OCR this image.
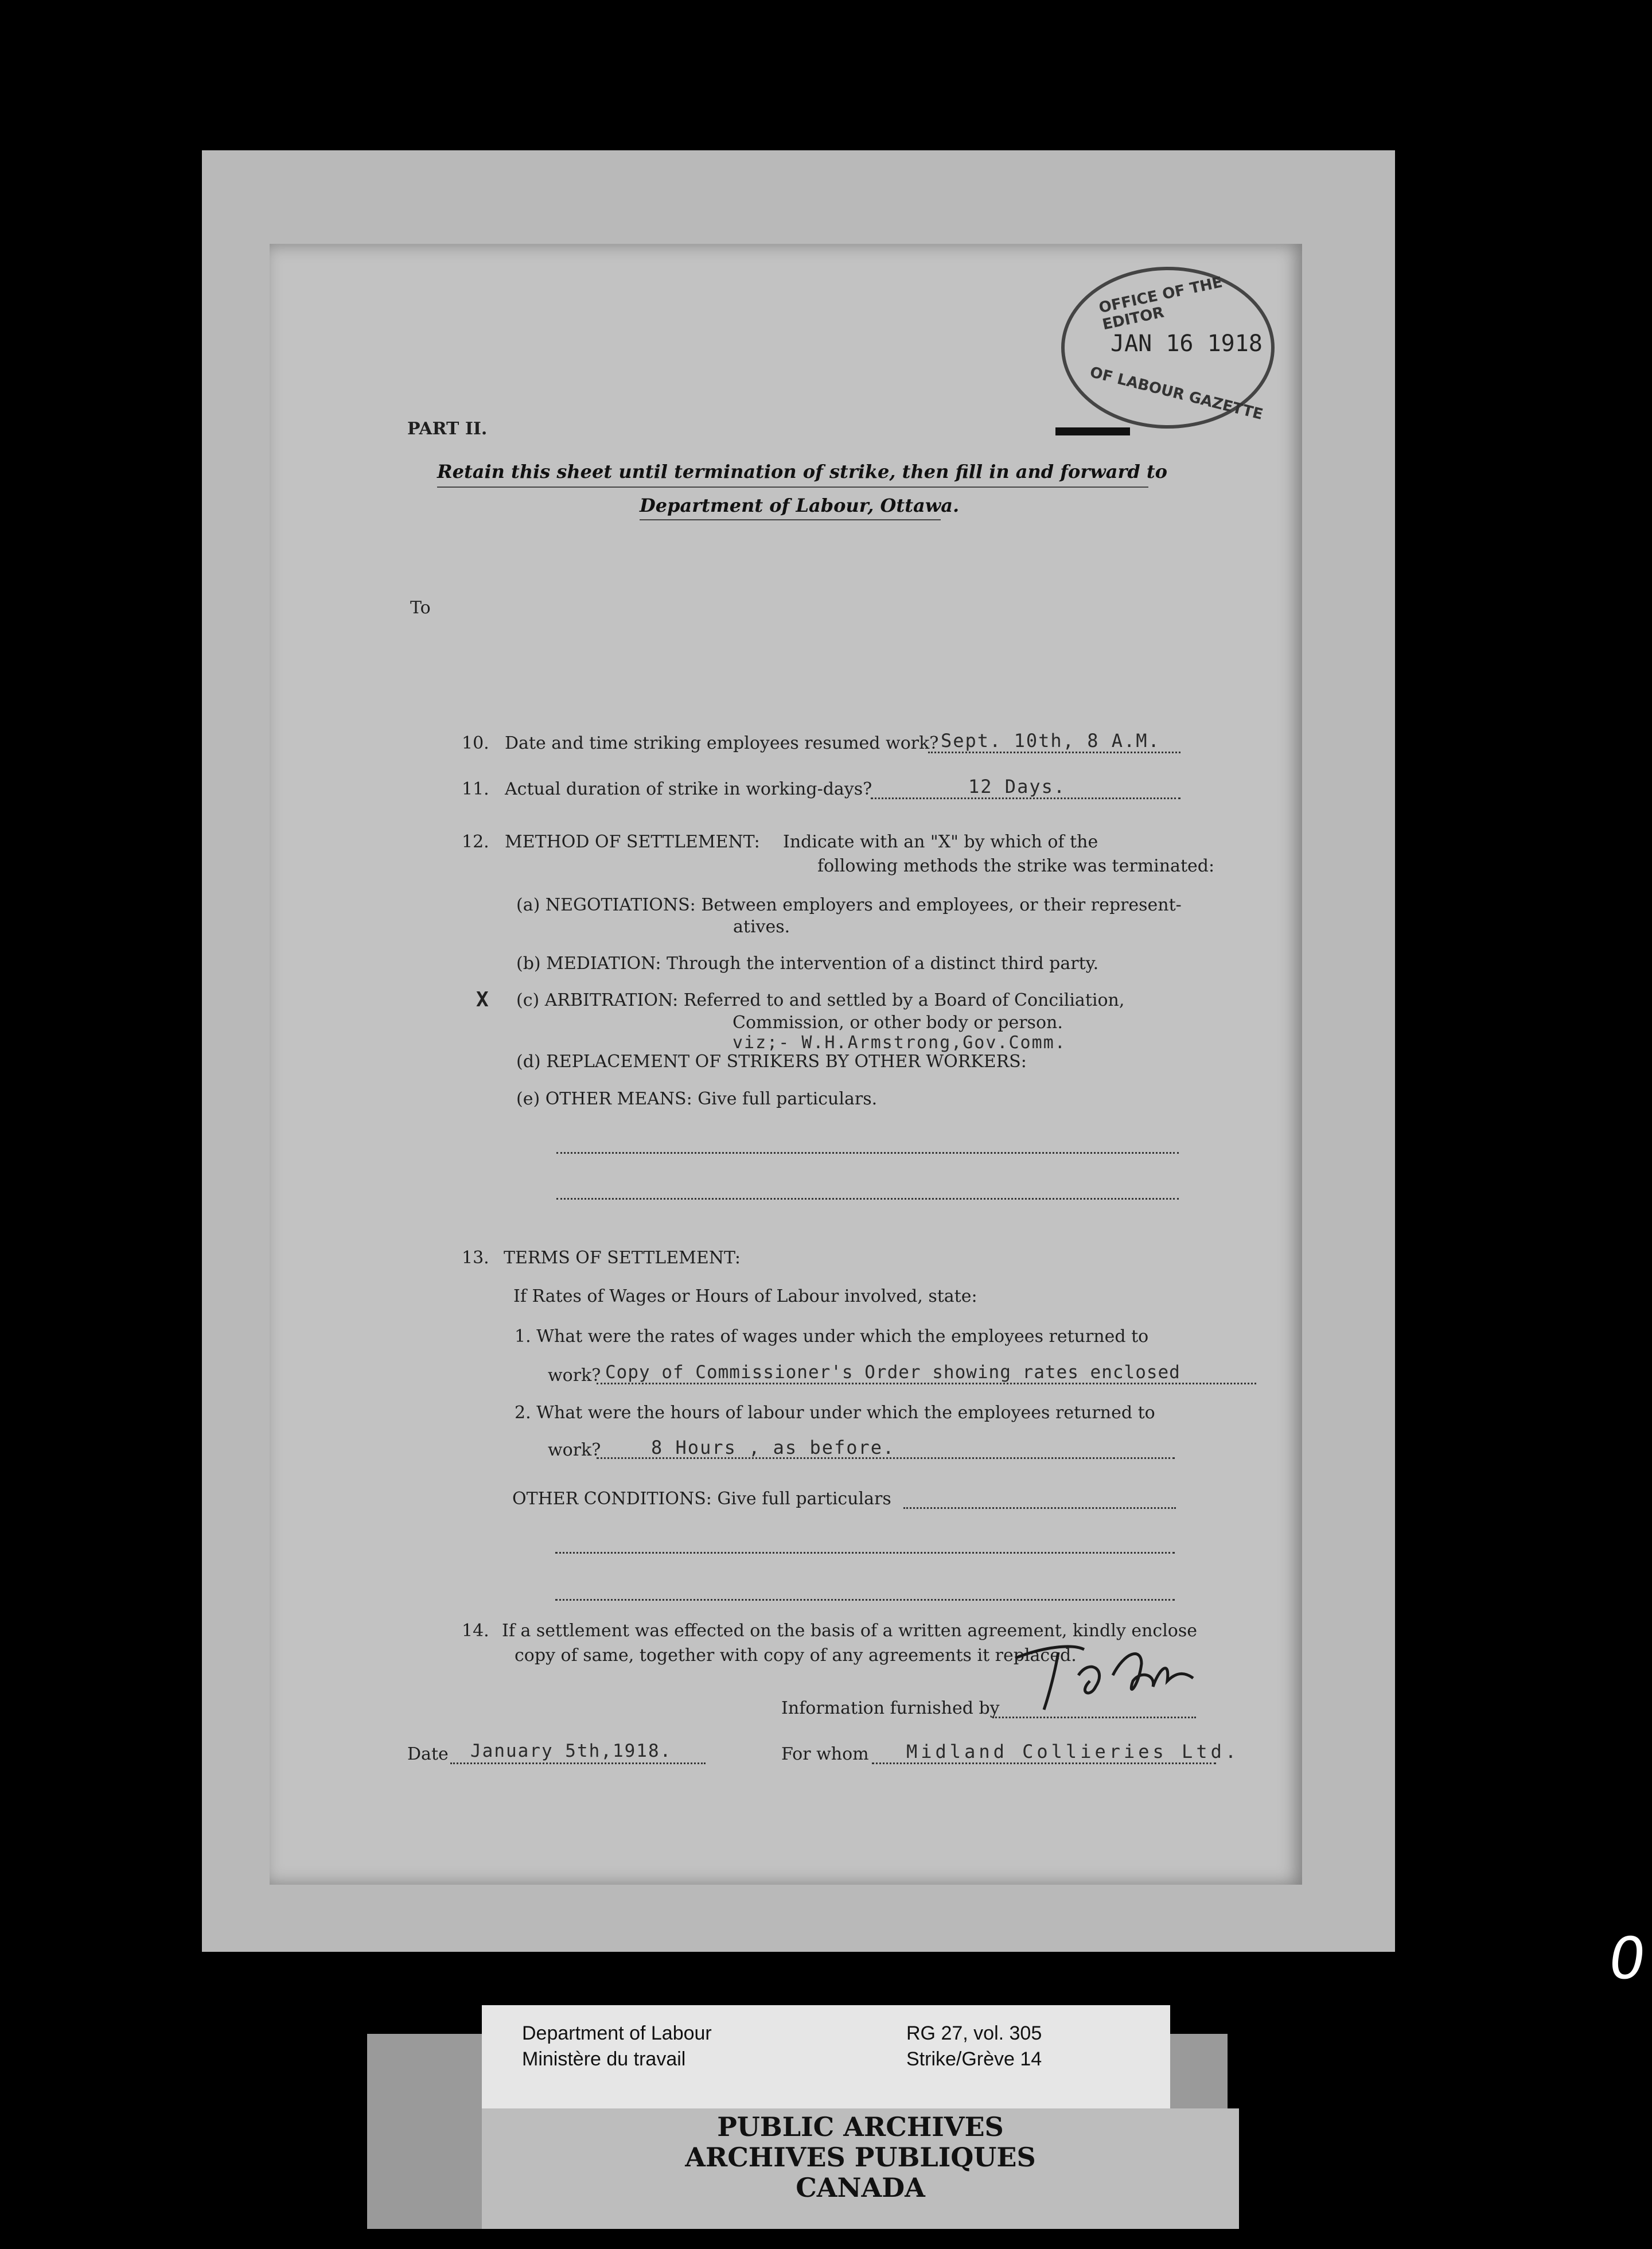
OFFICE OF THE EDITOR
JAN 16 1918
OF LABOUR GAZETTE
PART II.
Retain this sheet until termination of strike, then fill in and forward to
Department of Labour, Ottawa.
To
10. Date and time striking employees resumed work? Sept. 10th, 8 A.M.
11. Actual duration of strike in working-days?	12 Days.
12. METHOD OF SETTLEMENT: Indicate with an "X" by which of the
following methods the strike was terminated:
(a) NEGOTIATIONS: Between employers and employees, or their represent-
atives.
(b) MEDIATION: Through the intervention of a distinct third party.
X (c) ARBITRATION: Referred to and settled by a Board of Conciliation,
Commission, or other body or person.
viz;- W.H.Armstrong,Gov.Comm.
(d) REPLACEMENT OF STRIKERS BY OTHER WORKERS:
(e) OTHER MEANS: Give full particulars.
13. TERMS OF SETTLEMENT:
If Rates of Wages or Hours of Labour involved, state:
1. What were the rates of wages under which the employees returned to
work? Copy of Commissioner's Order showing rates enclosed
2. What were the hours of labour under which the employees returned to
work?	8 Hours , as before.
OTHER CONDITIONS: Give full particulars
14. If a settlement was effected on the basis of a written agreement, kindly enclose
copy of same, together with copy of any agreements it replaced.
Information furnished by
Date January 5th,1918.	For whom Midland Collieries Ltd.
Department of Labour
Ministère du travail
RG 27, vol. 305
Strike/Grève 14
PUBLIC ARCHIVES
ARCHIVES PUBLIQUES
CANADA
0
